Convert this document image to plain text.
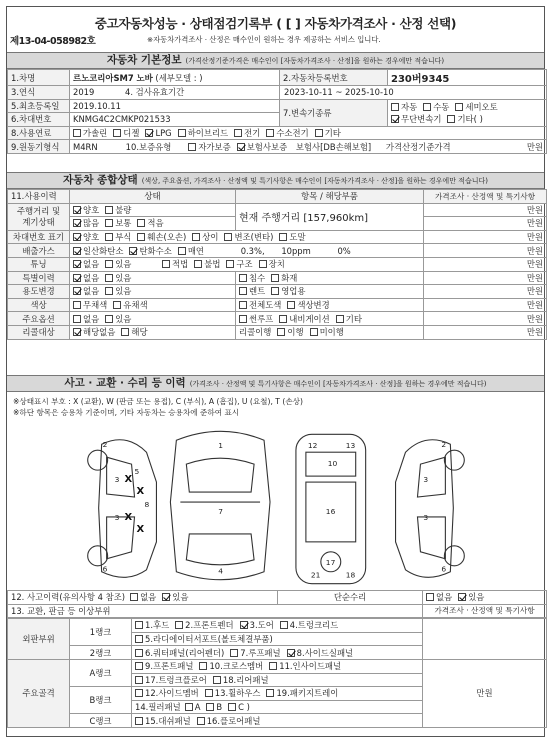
중고자동차성능 · 상태점검기록부 ( [ ] 자동차가격조사 · 산정 선택)
제13-04-058982호	※자동차가격조사 · 산정은 매수인이 원하는 경우 제공하는 서비스 입니다.
자동차 기본정보 (가격산정기준가격은 매수인이 [자동차가격조사 · 산정]을 원하는 경우에만 적습니다)
1.차명	르노코리아SM7 노바 (세부모델 : )	2.자동차등록번호	230버9345
3.연식	2019 4. 검사유효기간	2023-10-11 ~ 2025-10-10	
5.최초등록일	2019.10.11	7.변속기종류	자동 수동 세미오토
무단변속기 기타( )
6.차대번호	KNMG4C2CMKP021533		
8.사용연료	가솔린 디젤 LPG 하이브리드 전기 수소전기 기타		
9.원동기형식	M4RN 10.보증유형 자가보증 보험사보증 보험사[DB손해보험] 가격산정기준가격 만원		
자동차 종합상태 (색상, 주요옵션, 가격조사 · 산정액 및 특기사항은 매수인이 [자동차가격조사 · 산정]을 원하는 경우에만 적습니다)
11.사용이력	상태	항목 / 해당부품	가격조사 · 산정액 및 특기사항

주행거리 및
계기상태	양호 불량	현재 주행거리 [157,960km]	만원
	많음 보통 적음		만원
차대번호 표기	양호 부식 훼손(오손) 상이 변조(변타) 도말		만원
배출가스	일산화탄소 탄화수소 매연 0.3%, 10ppm 0%		만원
튜닝	없음 있음 적법 불법 구조 장치		만원
특별이력	없음 있음	침수 화재	만원
용도변경	없음 있음	렌트 영업용	만원
색상	무채색 유채색	전체도색 색상변경	만원
주요옵션	없음 있음	썬루프 내비게이션 기타	만원
리콜대상	해당없음 해당	리콜이행 이행 미이행	만원
사고 · 교환 · 수리 등 이력 (가격조사 · 산정액 및 특기사항은 매수인이 [자동차가격조사 · 산정]을 원하는 경우에만 적습니다)
※상태표시 부호 : X (교환), W (판금 또는 용접), C (부식), A (흠집), U (요철), T (손상)
※하단 항목은 승용차 기준이며, 기타 자동차는 승용차에 준하여 표시
3
3
2
6
5
8
7
1
4
10
12	13
16
17
18
21
3
3
2
6
X
X
X
X
12. 사고이력(유의사항 4 참조) 없음 있음	단순수리	없음 있음
13. 교환, 판금 등 이상부위		가격조사 · 산정액 및 특기사항
외판부위	1랭크	1.후드 2.프론트펜더 3.도어 4.트렁크리드	
		5.라디에이터서포트(볼트체결부품)	
	2랭크	6.쿼터패널(리어펜더) 7.루프패널 8.사이드실패널	
주요골격	A랭크	9.프론트패널 10.크로스멤버 11.인사이드패널	만원
		17.트렁크플로어 18.리어패널	
	B랭크	12.사이드멤버 13.휠하우스 19.패키지트레이	
		14.필러패널 A B C )	
	C랭크	15.대쉬패널 16.플로어패널	
